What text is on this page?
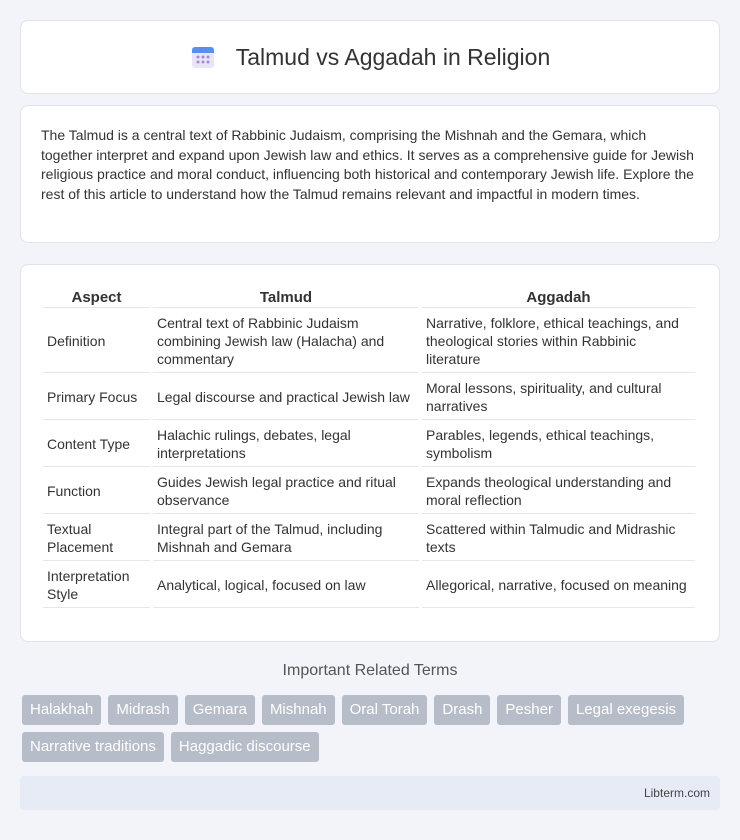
Talmud vs Aggadah in Religion

The Talmud is a central text of Rabbinic Judaism, comprising the Mishnah and the Gemara, which together interpret and expand upon Jewish law and ethics. It serves as a comprehensive guide for Jewish religious practice and moral conduct, influencing both historical and contemporary Jewish life. Explore the rest of this article to understand how the Talmud remains relevant and impactful in modern times.

Aspect	Talmud	Aggadah
Definition	Central text of Rabbinic Judaism combining Jewish law (Halacha) and commentary	Narrative, folklore, ethical teachings, and theological stories within Rabbinic literature
Primary Focus	Legal discourse and practical Jewish law	Moral lessons, spirituality, and cultural narratives
Content Type	Halachic rulings, debates, legal interpretations	Parables, legends, ethical teachings, symbolism
Function	Guides Jewish legal practice and ritual observance	Expands theological understanding and moral reflection
Textual Placement	Integral part of the Talmud, including Mishnah and Gemara	Scattered within Talmudic and Midrashic texts
Interpretation Style	Analytical, logical, focused on law	Allegorical, narrative, focused on meaning
Important Related Terms
Halakhah	Midrash	Gemara	Mishnah	Oral Torah	Drash	Pesher	Legal exegesis
Narrative traditions	Haggadic discourse
Libterm.com
